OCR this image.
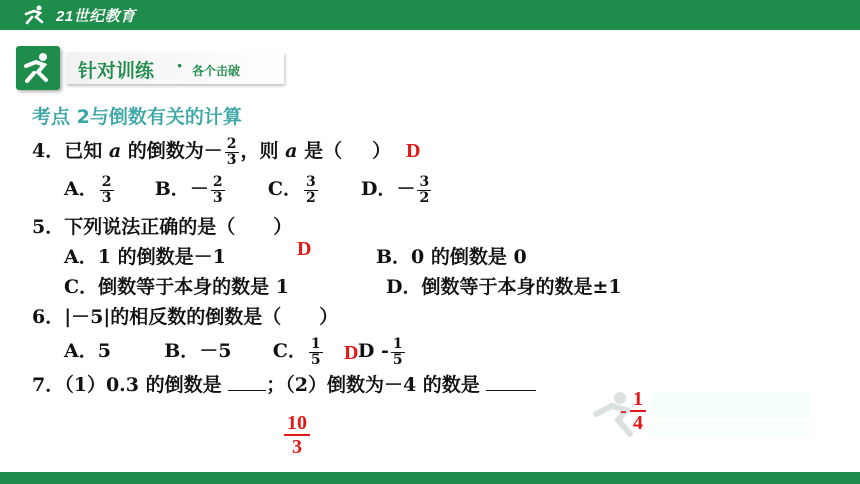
21世纪教育
针对训练 · 各个击破
考点 2与倒数有关的计算
4．已知 a 的倒数为－ $\frac{2}{3}$ ，则 a 是（ ） D
A． $\frac{2}{3}$ B．－ $\frac{2}{3}$ C． $\frac{3}{2}$ D．－ $\frac{3}{2}$
5．下列说法正确的是（　　）
A．1 的倒数是－1	D	B．0 的倒数是 0
C．倒数等于本身的数是 1	D．倒数等于本身的数是±1
6．|－5|的相反数的倒数是（　　）
A．5	B．－5 C． $\frac{1}{5}$ D - $\frac{1}{5}$
D
7．（1）0.3 的倒数是 ；（2）倒数为－4 的数是
$\frac{10}{3}$
- $\frac{1}{4}$
